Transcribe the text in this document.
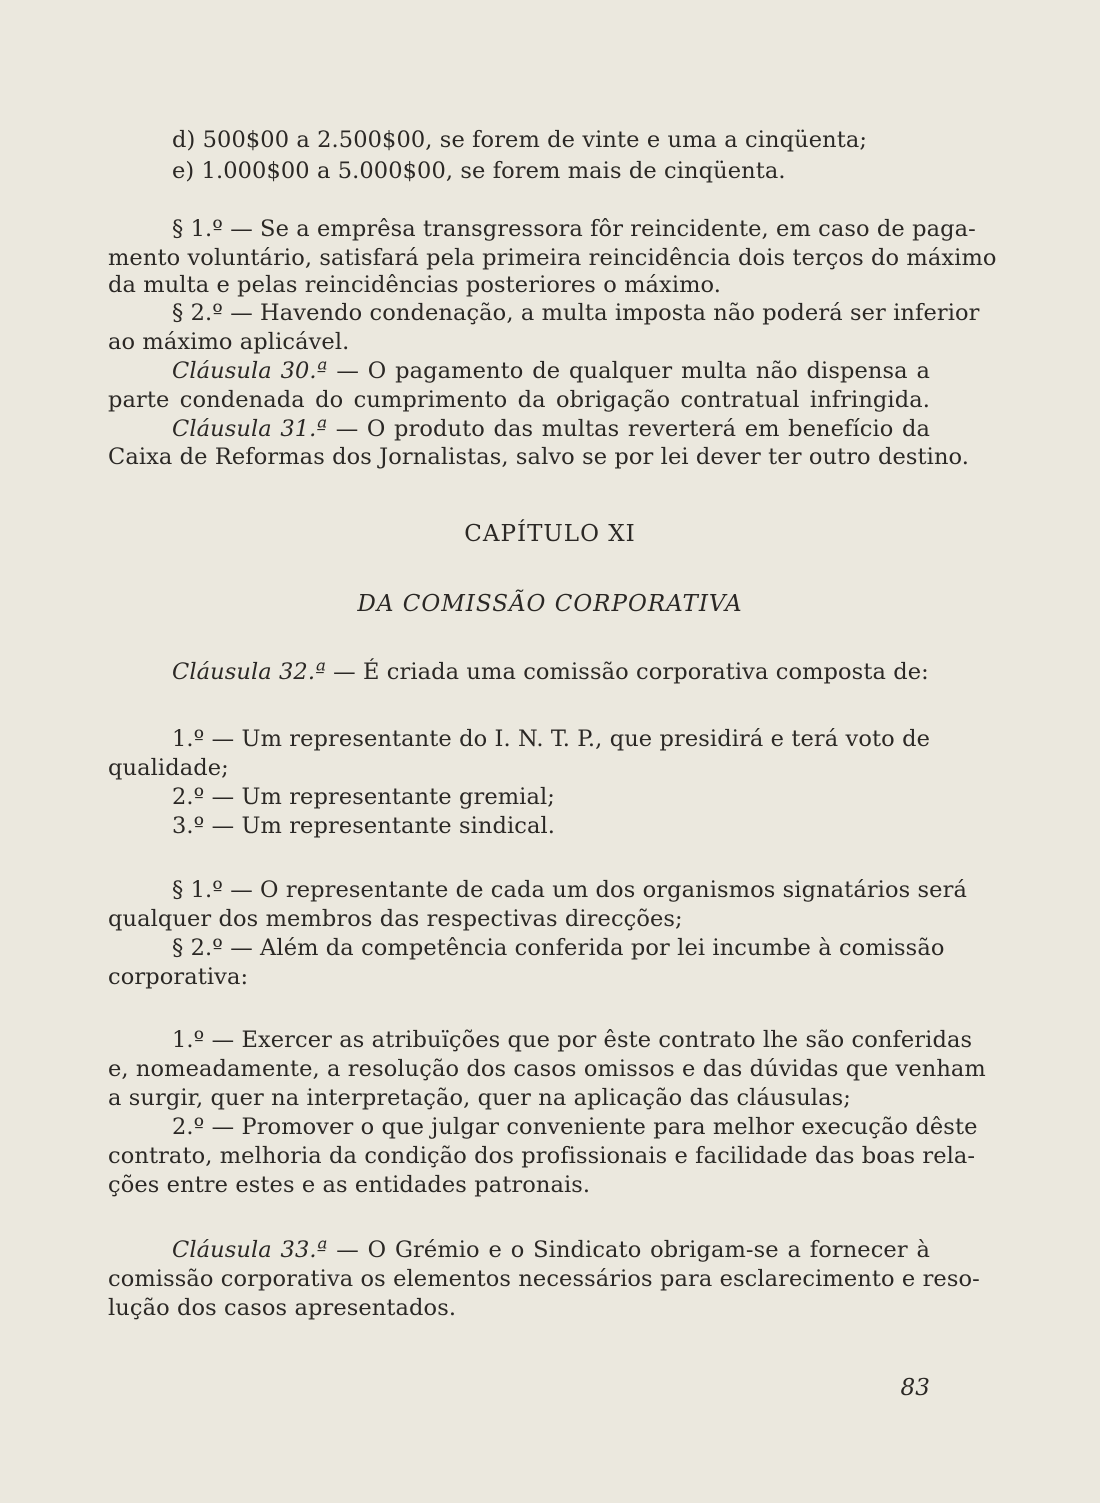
d) 500$00 a 2.500$00, se forem de vinte e uma a cinqüenta;
e) 1.000$00 a 5.000$00, se forem mais de cinqüenta.
§ 1.º — Se a emprêsa transgressora fôr reincidente, em caso de paga-
mento voluntário, satisfará pela primeira reincidência dois terços do máximo
da multa e pelas reincidências posteriores o máximo.
§ 2.º — Havendo condenação, a multa imposta não poderá ser inferior
ao máximo aplicável.
Cláusula 30.ª — O pagamento de qualquer multa não dispensa a
parte condenada do cumprimento da obrigação contratual infringida.
Cláusula 31.ª — O produto das multas reverterá em benefício da
Caixa de Reformas dos Jornalistas, salvo se por lei dever ter outro destino.
CAPÍTULO XI
DA COMISSÃO CORPORATIVA
Cláusula 32.ª — É criada uma comissão corporativa composta de:
1.º — Um representante do I. N. T. P., que presidirá e terá voto de
qualidade;
2.º — Um representante gremial;
3.º — Um representante sindical.
§ 1.º — O representante de cada um dos organismos signatários será
qualquer dos membros das respectivas direcções;
§ 2.º — Além da competência conferida por lei incumbe à comissão
corporativa:
1.º — Exercer as atribuïções que por êste contrato lhe são conferidas
e, nomeadamente, a resolução dos casos omissos e das dúvidas que venham
a surgir, quer na interpretação, quer na aplicação das cláusulas;
2.º — Promover o que julgar conveniente para melhor execução dêste
contrato, melhoria da condição dos profissionais e facilidade das boas rela-
ções entre estes e as entidades patronais.
Cláusula 33.ª — O Grémio e o Sindicato obrigam-se a fornecer à
comissão corporativa os elementos necessários para esclarecimento e reso-
lução dos casos apresentados.
83
